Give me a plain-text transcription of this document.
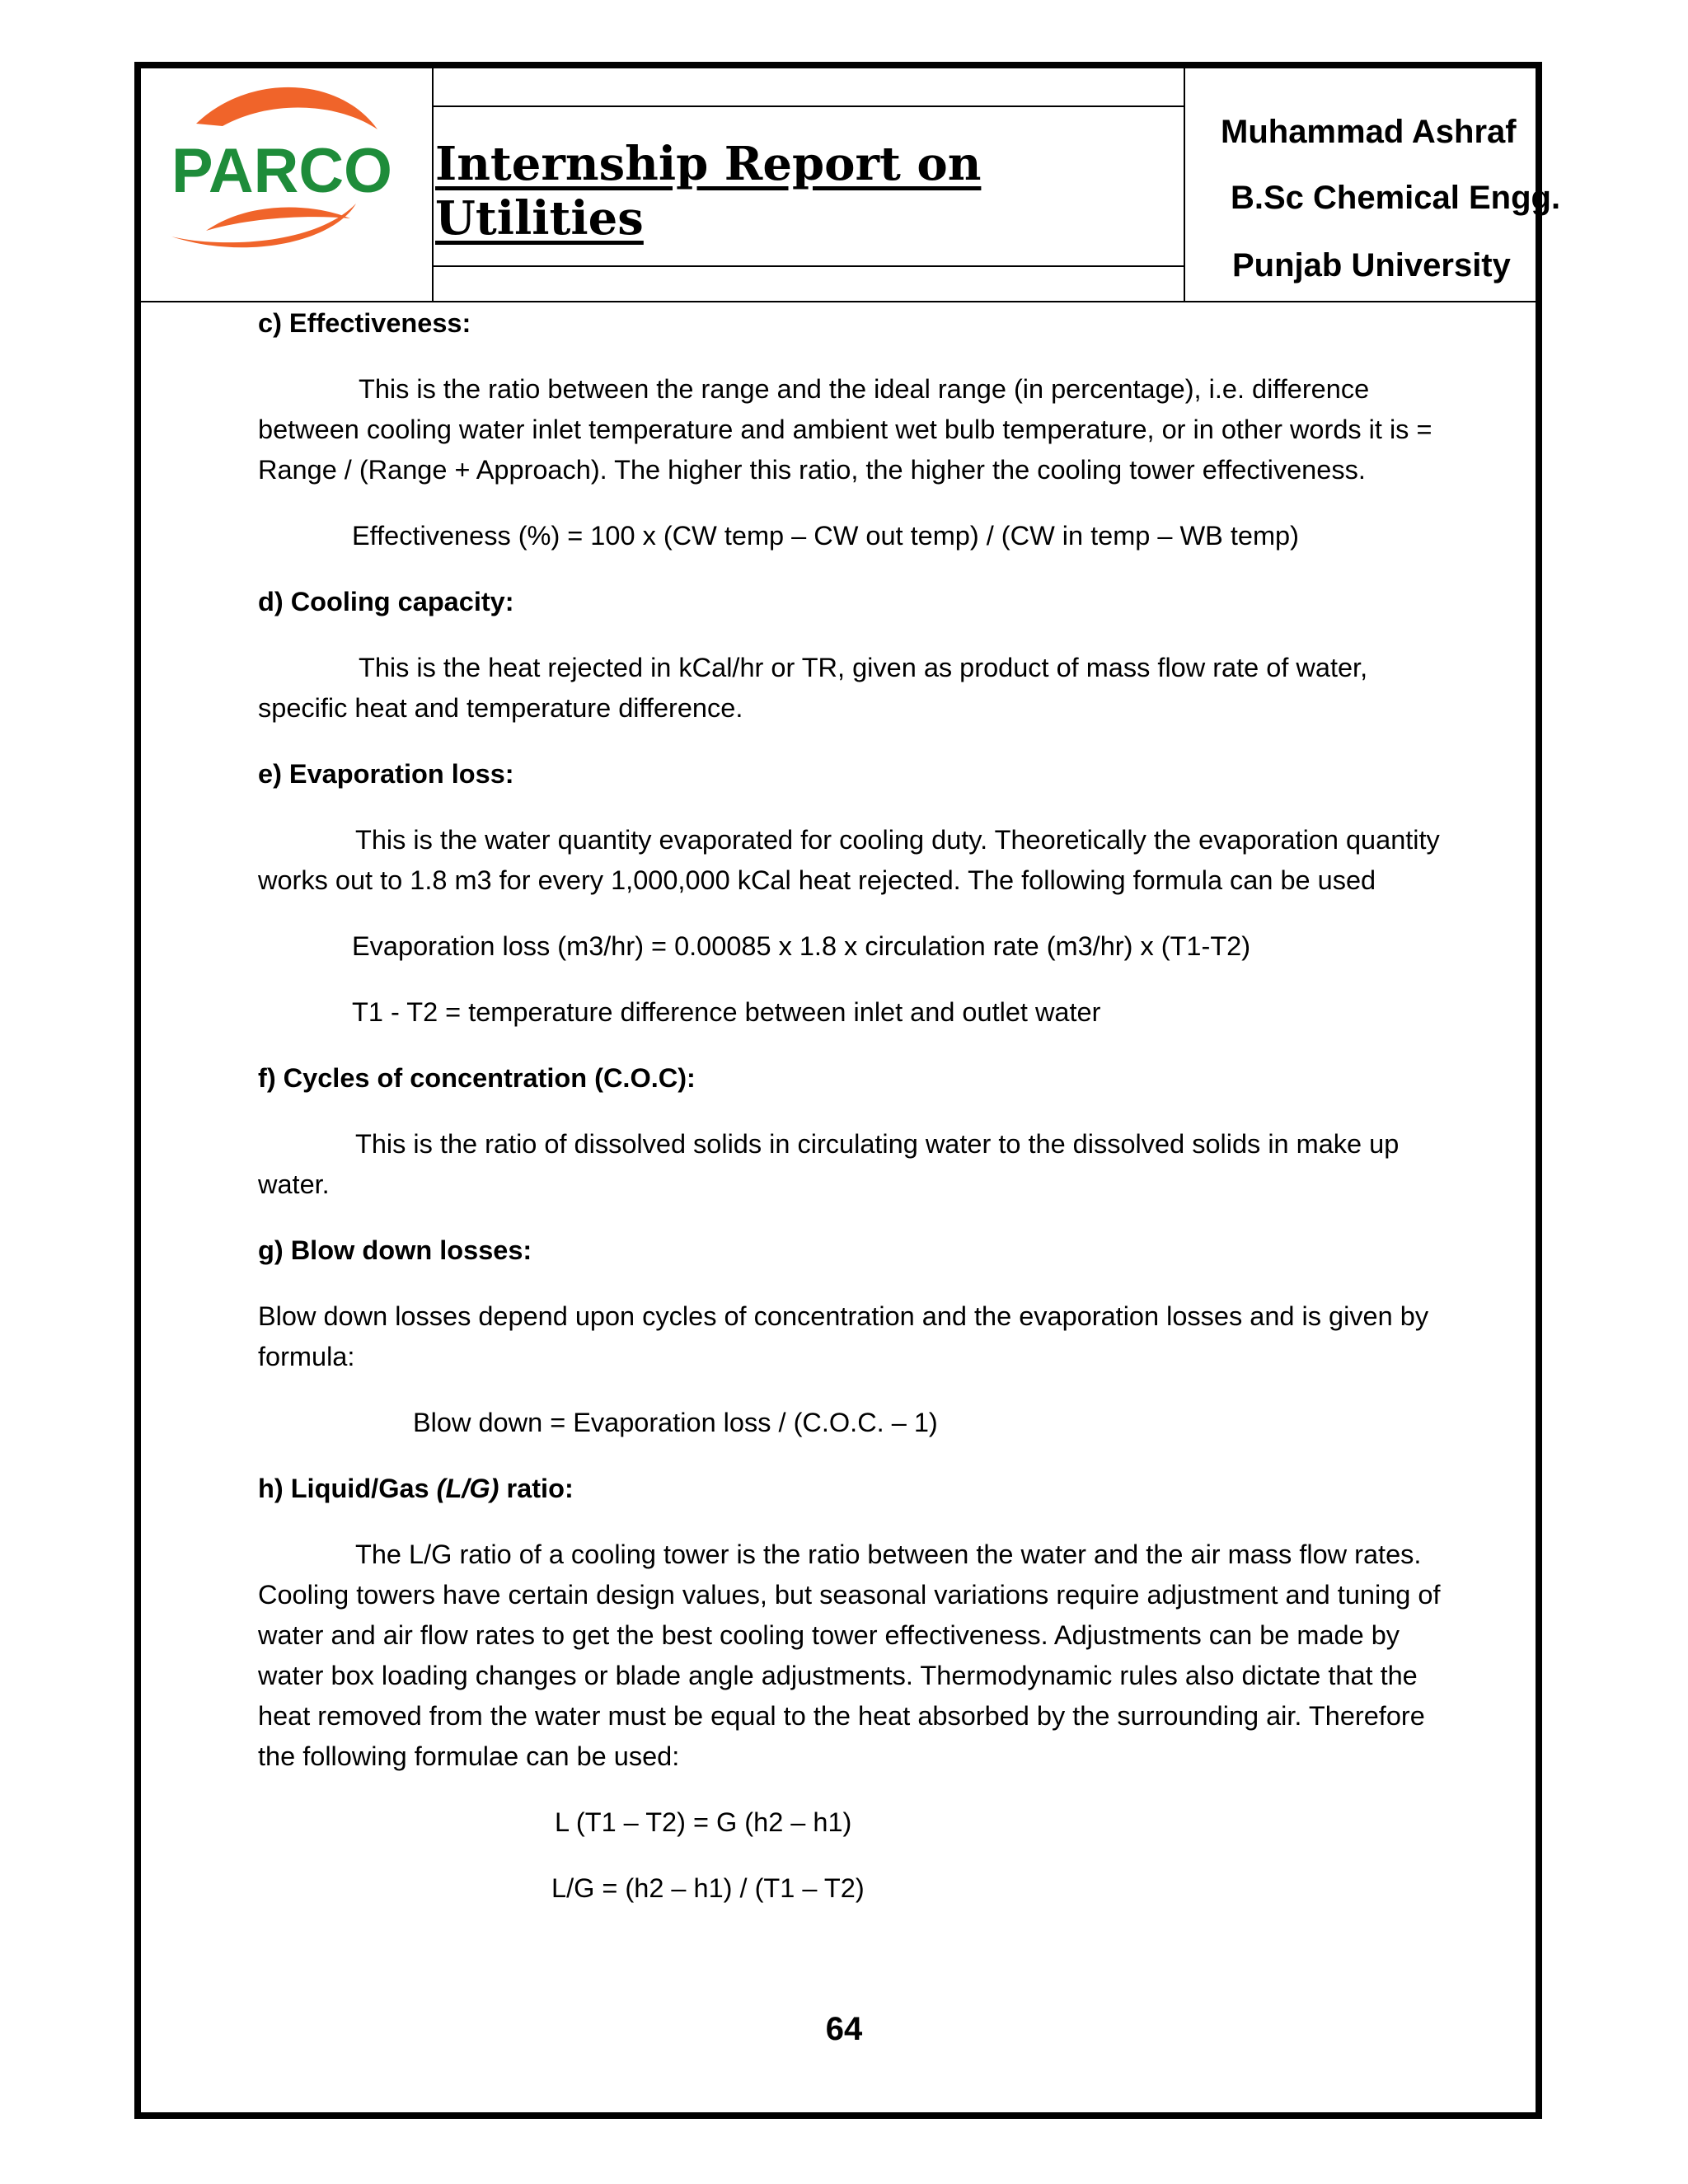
PARCO Internship Report on Utilities
Muhammad Ashraf
B.Sc Chemical Engg.
Punjab University

c) Effectiveness:

This is the ratio between the range and the ideal range (in percentage), i.e. difference between cooling water inlet temperature and ambient wet bulb temperature, or in other words it is = Range / (Range + Approach). The higher this ratio, the higher the cooling tower effectiveness.

Effectiveness (%) = 100 x (CW temp – CW out temp) / (CW in temp – WB temp)

d) Cooling capacity:

This is the heat rejected in kCal/hr or TR, given as product of mass flow rate of water, specific heat and temperature difference.

e) Evaporation loss:

This is the water quantity evaporated for cooling duty. Theoretically the evaporation quantity works out to 1.8 m3 for every 1,000,000 kCal heat rejected. The following formula can be used

Evaporation loss (m3/hr) = 0.00085 x 1.8 x circulation rate (m3/hr) x (T1-T2)

T1 - T2 = temperature difference between inlet and outlet water

f) Cycles of concentration (C.O.C):

This is the ratio of dissolved solids in circulating water to the dissolved solids in make up water.

g) Blow down losses:

Blow down losses depend upon cycles of concentration and the evaporation losses and is given by formula:

Blow down = Evaporation loss / (C.O.C. – 1)

h) Liquid/Gas (L/G) ratio:

The L/G ratio of a cooling tower is the ratio between the water and the air mass flow rates. Cooling towers have certain design values, but seasonal variations require adjustment and tuning of water and air flow rates to get the best cooling tower effectiveness. Adjustments can be made by water box loading changes or blade angle adjustments. Thermodynamic rules also dictate that the heat removed from the water must be equal to the heat absorbed by the surrounding air. Therefore the following formulae can be used:

L (T1 – T2) = G (h2 – h1)

L/G = (h2 – h1) / (T1 – T2)

64
